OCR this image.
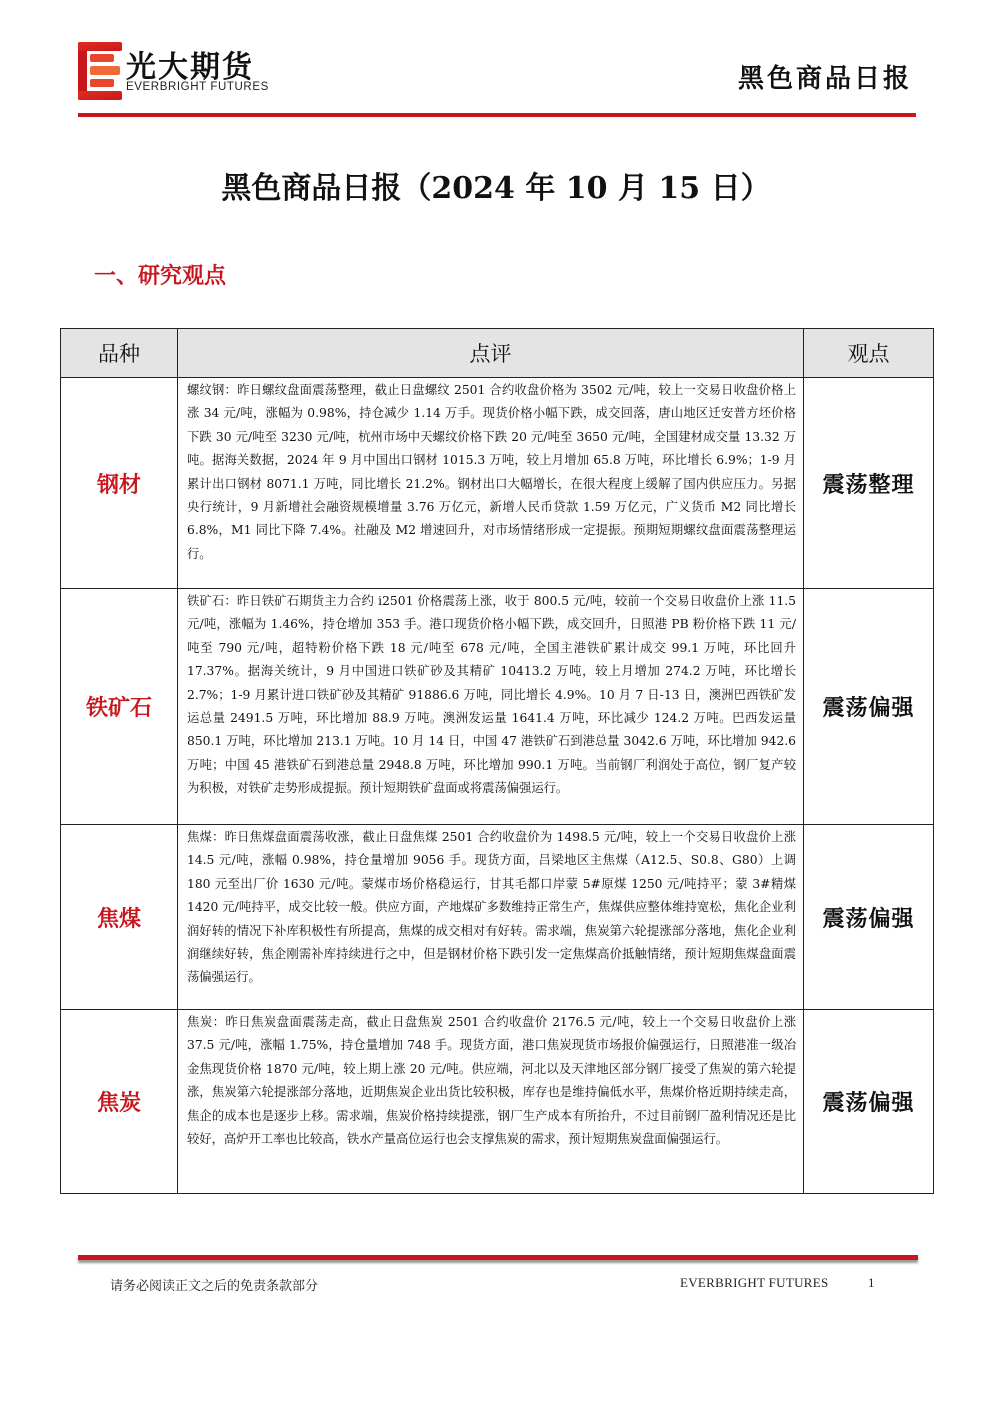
光大期货
EVERBRIGHT FUTURES	黑色商品日报
黑色商品日报（2024 年 10 月 15 日）
一、研究观点
品种	点评	观点
钢材	螺纹钢：昨日螺纹盘面震荡整理，截止日盘螺纹 2501 合约收盘价格为 3502 元/吨，较上一交易日收盘价格上涨 34 元/吨，涨幅为 0.98%，持仓减少 1.14 万手。现货价格小幅下跌，成交回落，唐山地区迁安普方坯价格下跌 30 元/吨至 3230 元/吨，杭州市场中天螺纹价格下跌 20 元/吨至 3650 元/吨，全国建材成交量 13.32 万吨。据海关数据，2024 年 9 月中国出口钢材 1015.3 万吨，较上月增加 65.8 万吨，环比增长 6.9%；1-9 月累计出口钢材 8071.1 万吨，同比增长 21.2%。钢材出口大幅增长，在很大程度上缓解了国内供应压力。另据央行统计，9 月新增社会融资规模增量 3.76 万亿元，新增人民币贷款 1.59 万亿元，广义货币 M2 同比增长 6.8%，M1 同比下降 7.4%。社融及 M2 增速回升，对市场情绪形成一定提振。预期短期螺纹盘面震荡整理运行。	震荡整理
铁矿石	铁矿石：昨日铁矿石期货主力合约 i2501 价格震荡上涨，收于 800.5 元/吨，较前一个交易日收盘价上涨 11.5 元/吨，涨幅为 1.46%，持仓增加 353 手。港口现货价格小幅下跌，成交回升，日照港 PB 粉价格下跌 11 元/吨至 790 元/吨，超特粉价格下跌 18 元/吨至 678 元/吨，全国主港铁矿累计成交 99.1 万吨，环比回升 17.37%。据海关统计，9 月中国进口铁矿砂及其精矿 10413.2 万吨，较上月增加 274.2 万吨，环比增长 2.7%；1-9 月累计进口铁矿砂及其精矿 91886.6 万吨，同比增长 4.9%。10 月 7 日-13 日，澳洲巴西铁矿发运总量 2491.5 万吨，环比增加 88.9 万吨。澳洲发运量 1641.4 万吨，环比减少 124.2 万吨。巴西发运量 850.1 万吨，环比增加 213.1 万吨。10 月 14 日，中国 47 港铁矿石到港总量 3042.6 万吨，环比增加 942.6 万吨；中国 45 港铁矿石到港总量 2948.8 万吨，环比增加 990.1 万吨。当前钢厂利润处于高位，钢厂复产较为积极，对铁矿走势形成提振。预计短期铁矿盘面或将震荡偏强运行。	震荡偏强
焦煤	焦煤：昨日焦煤盘面震荡收涨，截止日盘焦煤 2501 合约收盘价为 1498.5 元/吨，较上一个交易日收盘价上涨 14.5 元/吨，涨幅 0.98%，持仓量增加 9056 手。现货方面，吕梁地区主焦煤（A12.5、S0.8、G80）上调 180 元至出厂价 1630 元/吨。蒙煤市场价格稳运行，甘其毛都口岸蒙 5#原煤 1250 元/吨持平；蒙 3#精煤 1420 元/吨持平，成交比较一般。供应方面，产地煤矿多数维持正常生产，焦煤供应整体维持宽松，焦化企业利润好转的情况下补库积极性有所提高，焦煤的成交相对有好转。需求端，焦炭第六轮提涨部分落地，焦化企业利润继续好转，焦企刚需补库持续进行之中，但是钢材价格下跌引发一定焦煤高价抵触情绪，预计短期焦煤盘面震荡偏强运行。	震荡偏强
焦炭	焦炭：昨日焦炭盘面震荡走高，截止日盘焦炭 2501 合约收盘价 2176.5 元/吨，较上一个交易日收盘价上涨 37.5 元/吨，涨幅 1.75%，持仓量增加 748 手。现货方面，港口焦炭现货市场报价偏强运行，日照港准一级冶金焦现货价格 1870 元/吨，较上期上涨 20 元/吨。供应端，河北以及天津地区部分钢厂接受了焦炭的第六轮提涨，焦炭第六轮提涨部分落地，近期焦炭企业出货比较积极，库存也是维持偏低水平，焦煤价格近期持续走高，焦企的成本也是逐步上移。需求端，焦炭价格持续提涨，钢厂生产成本有所抬升，不过目前钢厂盈利情况还是比较好，高炉开工率也比较高，铁水产量高位运行也会支撑焦炭的需求，预计短期焦炭盘面偏强运行。	震荡偏强
请务必阅读正文之后的免责条款部分	EVERBRIGHT FUTURES	1
